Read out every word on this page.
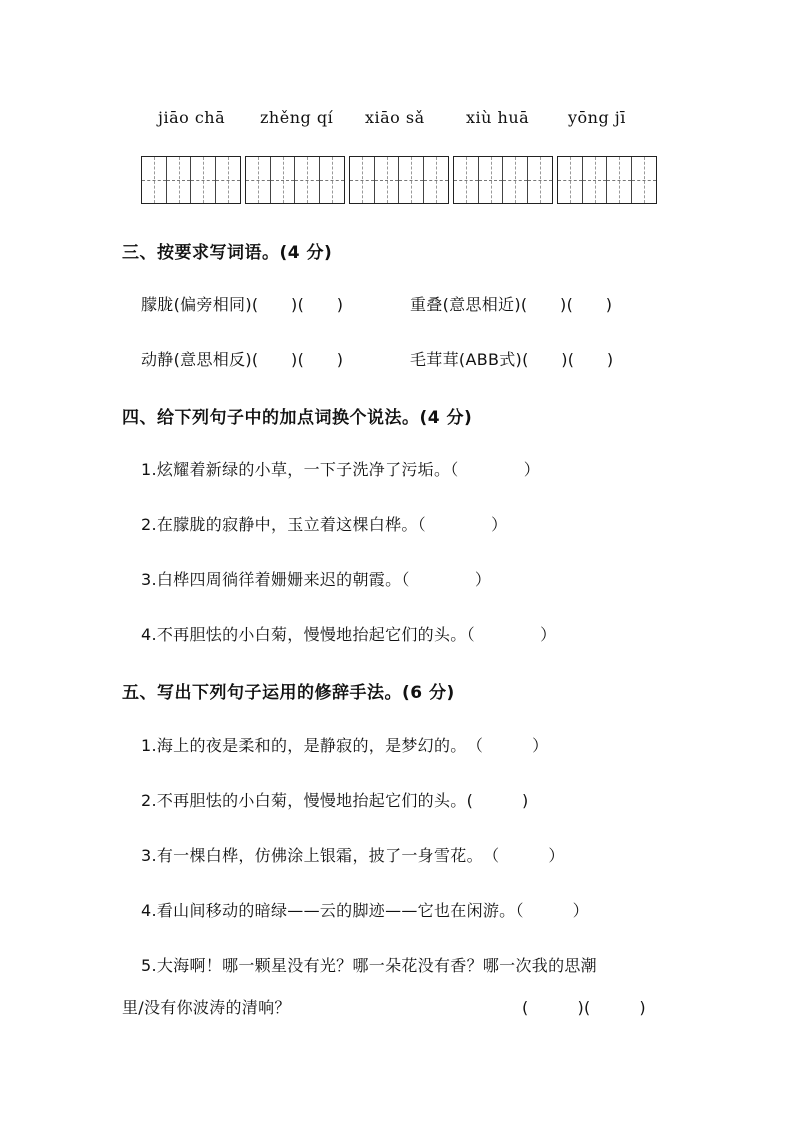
jiāo chā zhěng qí xiāo sǎ	xiù huā yōng jī
三、按要求写词语。(4 分)
朦胧(偏旁相同)(　　)(　　)	重叠(意思相近)(　　)(　　)
动静(意思相反)(　　)(　　)	毛茸茸(ABB式)(　　)(　　)
四、给下列句子中的加点词换个说法。(4 分)
1.炫耀着新绿的小草，一下子洗净了污垢。（　　　　）
2.在朦胧的寂静中，玉立着这棵白桦。（　　　　）
3.白桦四周徜徉着姗姗来迟的朝霞。（　　　　）
4.不再胆怯的小白菊，慢慢地抬起它们的头。（　　　　）
五、写出下列句子运用的修辞手法。(6 分)
1.海上的夜是柔和的，是静寂的，是梦幻的。　（　　　）
2.不再胆怯的小白菊，慢慢地抬起它们的头。(　　　)
3.有一棵白桦，仿佛涂上银霜，披了一身雪花。　（　　　）
4.看山间移动的暗绿——云的脚迹——它也在闲游。（　　　）
5.大海啊！哪一颗星没有光？哪一朵花没有香？哪一次我的思潮
里/没有你波涛的清响？	(　　　)(　　　)
